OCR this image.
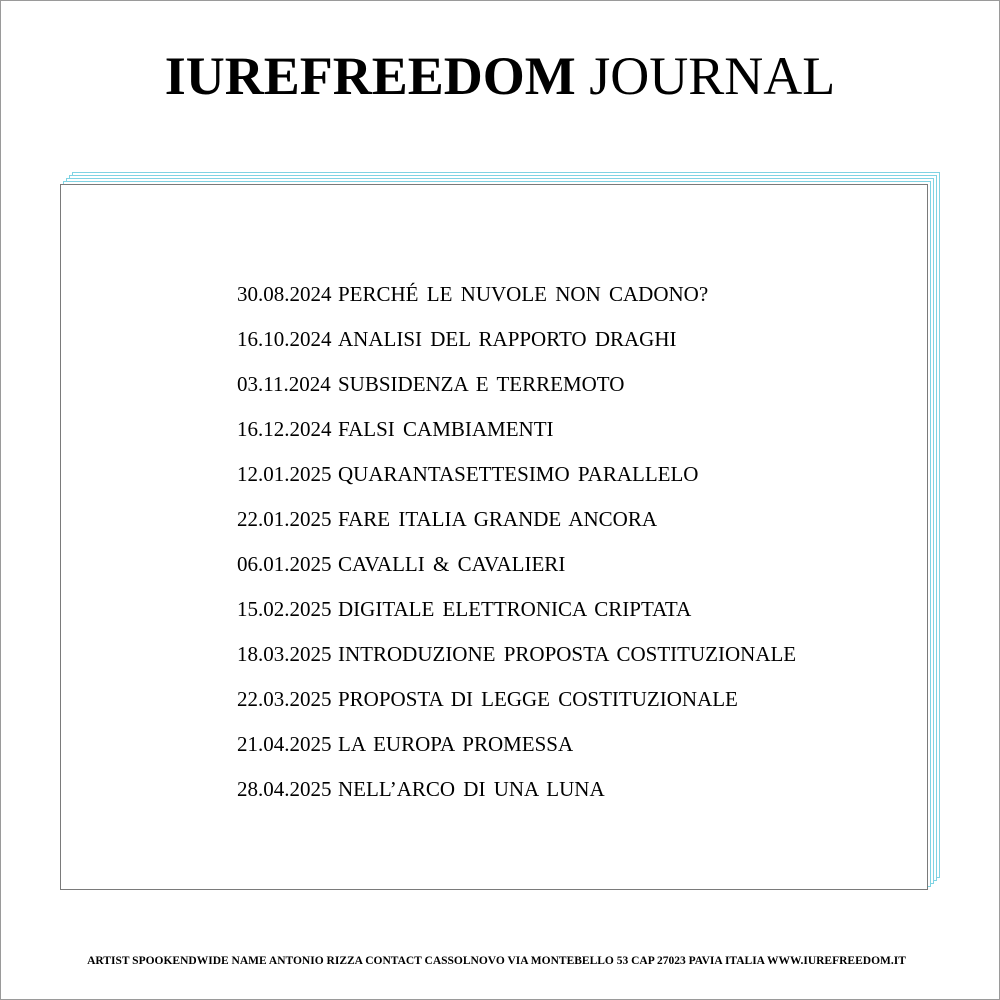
IUREFREEDOM JOURNAL
30.08.2024 PERCHÉ LE NUVOLE NON CADONO?
16.10.2024 ANALISI DEL RAPPORTO DRAGHI
03.11.2024 SUBSIDENZA E TERREMOTO
16.12.2024 FALSI CAMBIAMENTI
12.01.2025 QUARANTASETTESIMO PARALLELO
22.01.2025 FARE ITALIA GRANDE ANCORA
06.01.2025 CAVALLI & CAVALIERI
15.02.2025 DIGITALE ELETTRONICA CRIPTATA
18.03.2025 INTRODUZIONE PROPOSTA COSTITUZIONALE
22.03.2025 PROPOSTA DI LEGGE COSTITUZIONALE
21.04.2025 LA EUROPA PROMESSA
28.04.2025 NELL’ARCO DI UNA LUNA
ARTIST SPOOKENDWIDE NAME ANTONIO RIZZA CONTACT CASSOLNOVO VIA MONTEBELLO 53 CAP 27023 PAVIA ITALIA WWW.IUREFREEDOM.IT
